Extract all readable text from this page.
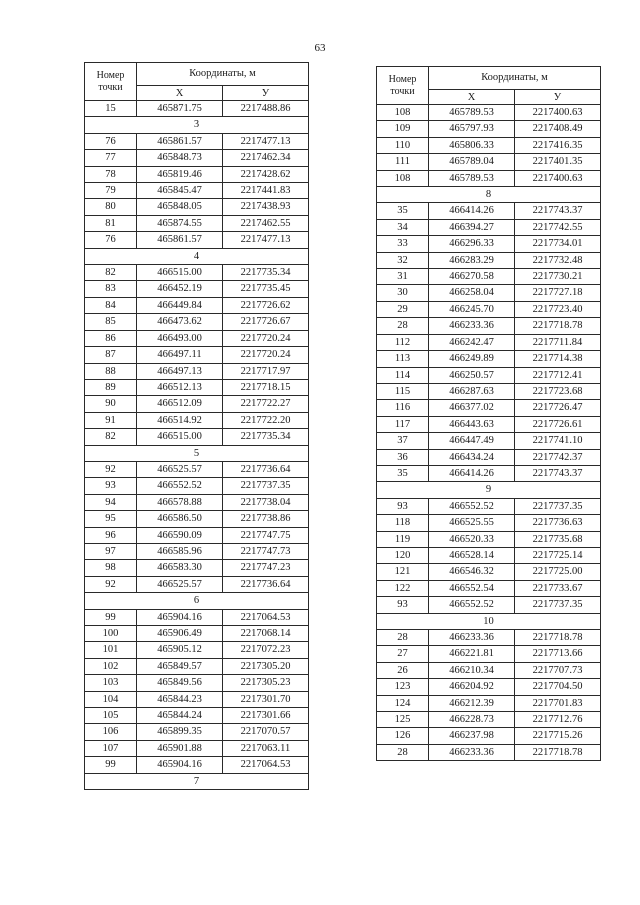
63
Номер точки	Координаты, м	
	X	У
15	465871.75	2217488.86
3		
76	465861.57	2217477.13
77	465848.73	2217462.34
78	465819.46	2217428.62
79	465845.47	2217441.83
80	465848.05	2217438.93
81	465874.55	2217462.55
76	465861.57	2217477.13
4		
82	466515.00	2217735.34
83	466452.19	2217735.45
84	466449.84	2217726.62
85	466473.62	2217726.67
86	466493.00	2217720.24
87	466497.11	2217720.24
88	466497.13	2217717.97
89	466512.13	2217718.15
90	466512.09	2217722.27
91	466514.92	2217722.20
82	466515.00	2217735.34
5		
92	466525.57	2217736.64
93	466552.52	2217737.35
94	466578.88	2217738.04
95	466586.50	2217738.86
96	466590.09	2217747.75
97	466585.96	2217747.73
98	466583.30	2217747.23
92	466525.57	2217736.64
6		
99	465904.16	2217064.53
100	465906.49	2217068.14
101	465905.12	2217072.23
102	465849.57	2217305.20
103	465849.56	2217305.23
104	465844.23	2217301.70
105	465844.24	2217301.66
106	465899.35	2217070.57
107	465901.88	2217063.11
99	465904.16	2217064.53
7		
Номер точки	Координаты, м	
	X	У
108	465789.53	2217400.63
109	465797.93	2217408.49
110	465806.33	2217416.35
111	465789.04	2217401.35
108	465789.53	2217400.63
8		
35	466414.26	2217743.37
34	466394.27	2217742.55
33	466296.33	2217734.01
32	466283.29	2217732.48
31	466270.58	2217730.21
30	466258.04	2217727.18
29	466245.70	2217723.40
28	466233.36	2217718.78
112	466242.47	2217711.84
113	466249.89	2217714.38
114	466250.57	2217712.41
115	466287.63	2217723.68
116	466377.02	2217726.47
117	466443.63	2217726.61
37	466447.49	2217741.10
36	466434.24	2217742.37
35	466414.26	2217743.37
9		
93	466552.52	2217737.35
118	466525.55	2217736.63
119	466520.33	2217735.68
120	466528.14	2217725.14
121	466546.32	2217725.00
122	466552.54	2217733.67
93	466552.52	2217737.35
10		
28	466233.36	2217718.78
27	466221.81	2217713.66
26	466210.34	2217707.73
123	466204.92	2217704.50
124	466212.39	2217701.83
125	466228.73	2217712.76
126	466237.98	2217715.26
28	466233.36	2217718.78
